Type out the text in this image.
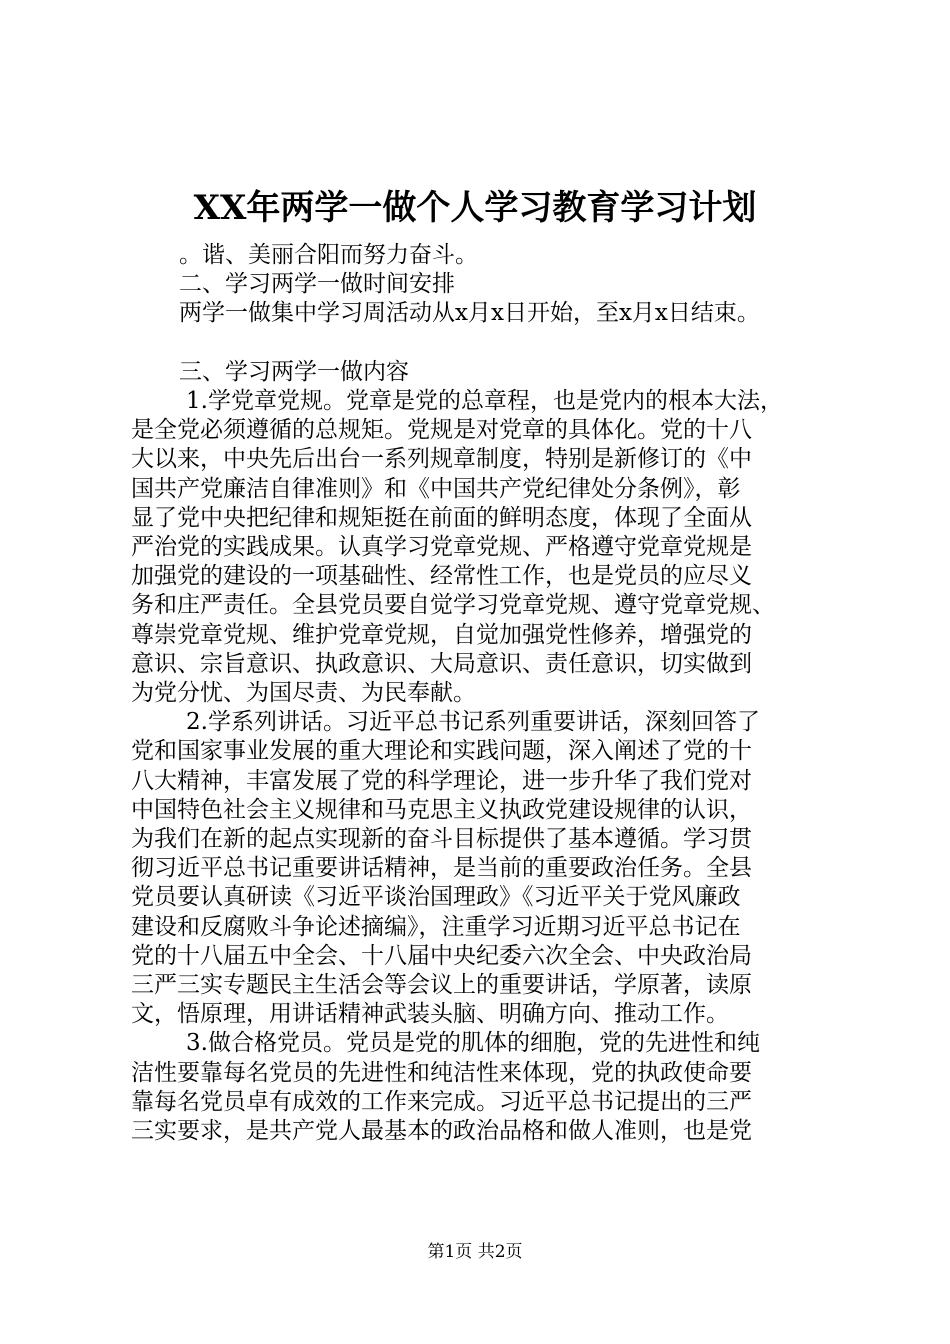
XX年两学一做个人学习教育学习计划

。谐、美丽合阳而努力奋斗。

二、学习两学一做时间安排

两学一做集中学习周活动从x月x日开始，至x月x日结束。

三、学习两学一做内容

1.学党章党规。党章是党的总章程，也是党内的根本大法，

是全党必须遵循的总规矩。党规是对党章的具体化。党的十八

大以来，中央先后出台一系列规章制度，特别是新修订的《中

国共产党廉洁自律准则》和《中国共产党纪律处分条例》，彰

显了党中央把纪律和规矩挺在前面的鲜明态度，体现了全面从

严治党的实践成果。认真学习党章党规、严格遵守党章党规是

加强党的建设的一项基础性、经常性工作，也是党员的应尽义

务和庄严责任。全县党员要自觉学习党章党规、遵守党章党规、

尊崇党章党规、维护党章党规，自觉加强党性修养，增强党的

意识、宗旨意识、执政意识、大局意识、责任意识，切实做到

为党分忧、为国尽责、为民奉献。

2.学系列讲话。习近平总书记系列重要讲话，深刻回答了

党和国家事业发展的重大理论和实践问题，深入阐述了党的十

八大精神，丰富发展了党的科学理论，进一步升华了我们党对

中国特色社会主义规律和马克思主义执政党建设规律的认识，

为我们在新的起点实现新的奋斗目标提供了基本遵循。学习贯

彻习近平总书记重要讲话精神，是当前的重要政治任务。全县

党员要认真研读《习近平谈治国理政》《习近平关于党风廉政

建设和反腐败斗争论述摘编》，注重学习近期习近平总书记在

党的十八届五中全会、十八届中央纪委六次全会、中央政治局

三严三实专题民主生活会等会议上的重要讲话，学原著，读原

文，悟原理，用讲话精神武装头脑、明确方向、推动工作。

3.做合格党员。党员是党的肌体的细胞，党的先进性和纯

洁性要靠每名党员的先进性和纯洁性来体现，党的执政使命要

靠每名党员卓有成效的工作来完成。习近平总书记提出的三严

三实要求，是共产党人最基本的政治品格和做人准则，也是党

第1页 共2页
